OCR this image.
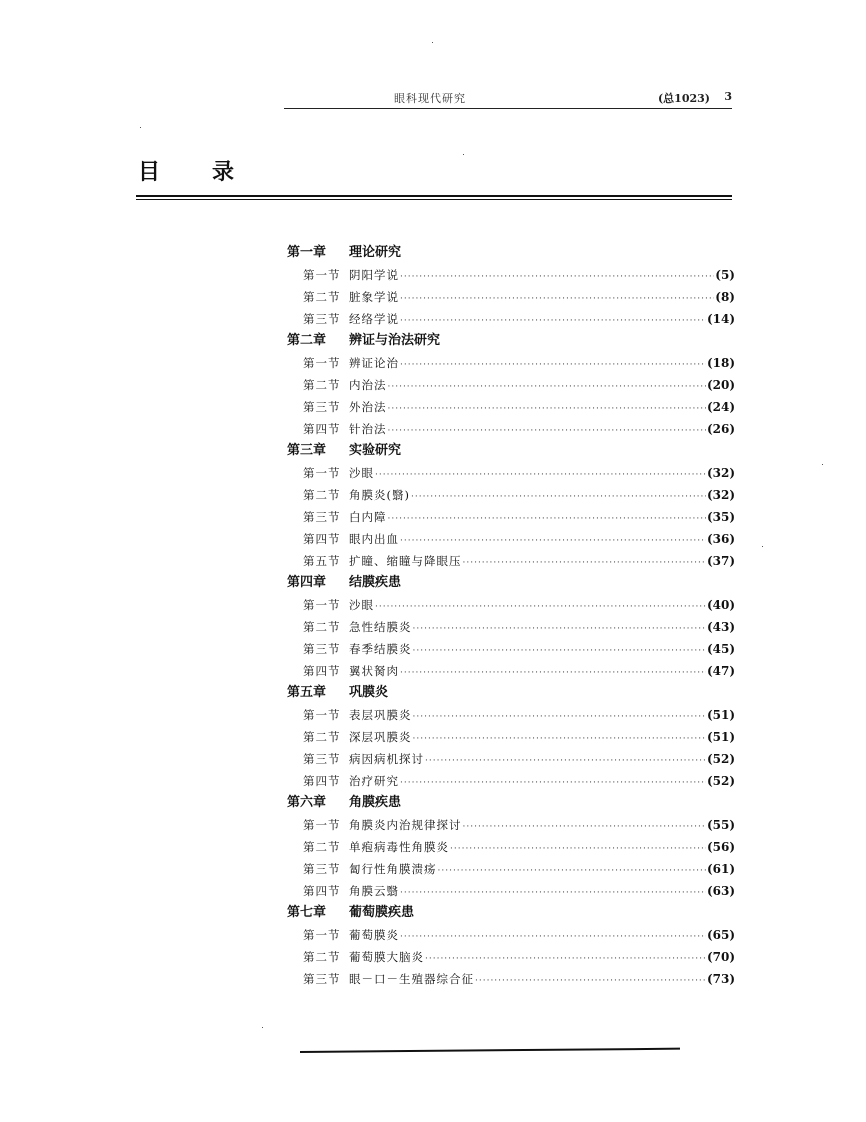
眼科现代研究	(总1023) 3
目 录
第一章 理论研究
第一节 阴阳学说 ·····	(5)
第二节 脏象学说 ·····	(8)
第三节 经络学说 ·····	(14)
第二章 辨证与治法研究
第一节 辨证论治 ·····	(18)
第二节 内治法 ·····	(20)
第三节 外治法 ·····	(24)
第四节 针治法 ·····	(26)
第三章 实验研究
第一节 沙眼 ·····	(32)
第二节 角膜炎(翳) ·····	(32)
第三节 白内障 ·····	(35)
第四节 眼内出血 ·····	(36)
第五节 扩瞳、缩瞳与降眼压 ·····	(37)
第四章 结膜疾患
第一节 沙眼 ·····	(40)
第二节 急性结膜炎 ·····	(43)
第三节 春季结膜炎 ·····	(45)
第四节 翼状胬肉 ·····	(47)
第五章 巩膜炎
第一节 表层巩膜炎 ·····	(51)
第二节 深层巩膜炎 ·····	(51)
第三节 病因病机探讨 ·····	(52)
第四节 治疗研究 ·····	(52)
第六章 角膜疾患
第一节 角膜炎内治规律探讨 ·····	(55)
第二节 单疱病毒性角膜炎 ·····	(56)
第三节 匐行性角膜溃疡 ·····	(61)
第四节 角膜云翳 ·····	(63)
第七章 葡萄膜疾患
第一节 葡萄膜炎 ·····	(65)
第二节 葡萄膜大脑炎 ·····	(70)
第三节 眼－口－生殖器综合征 ·····	(73)
